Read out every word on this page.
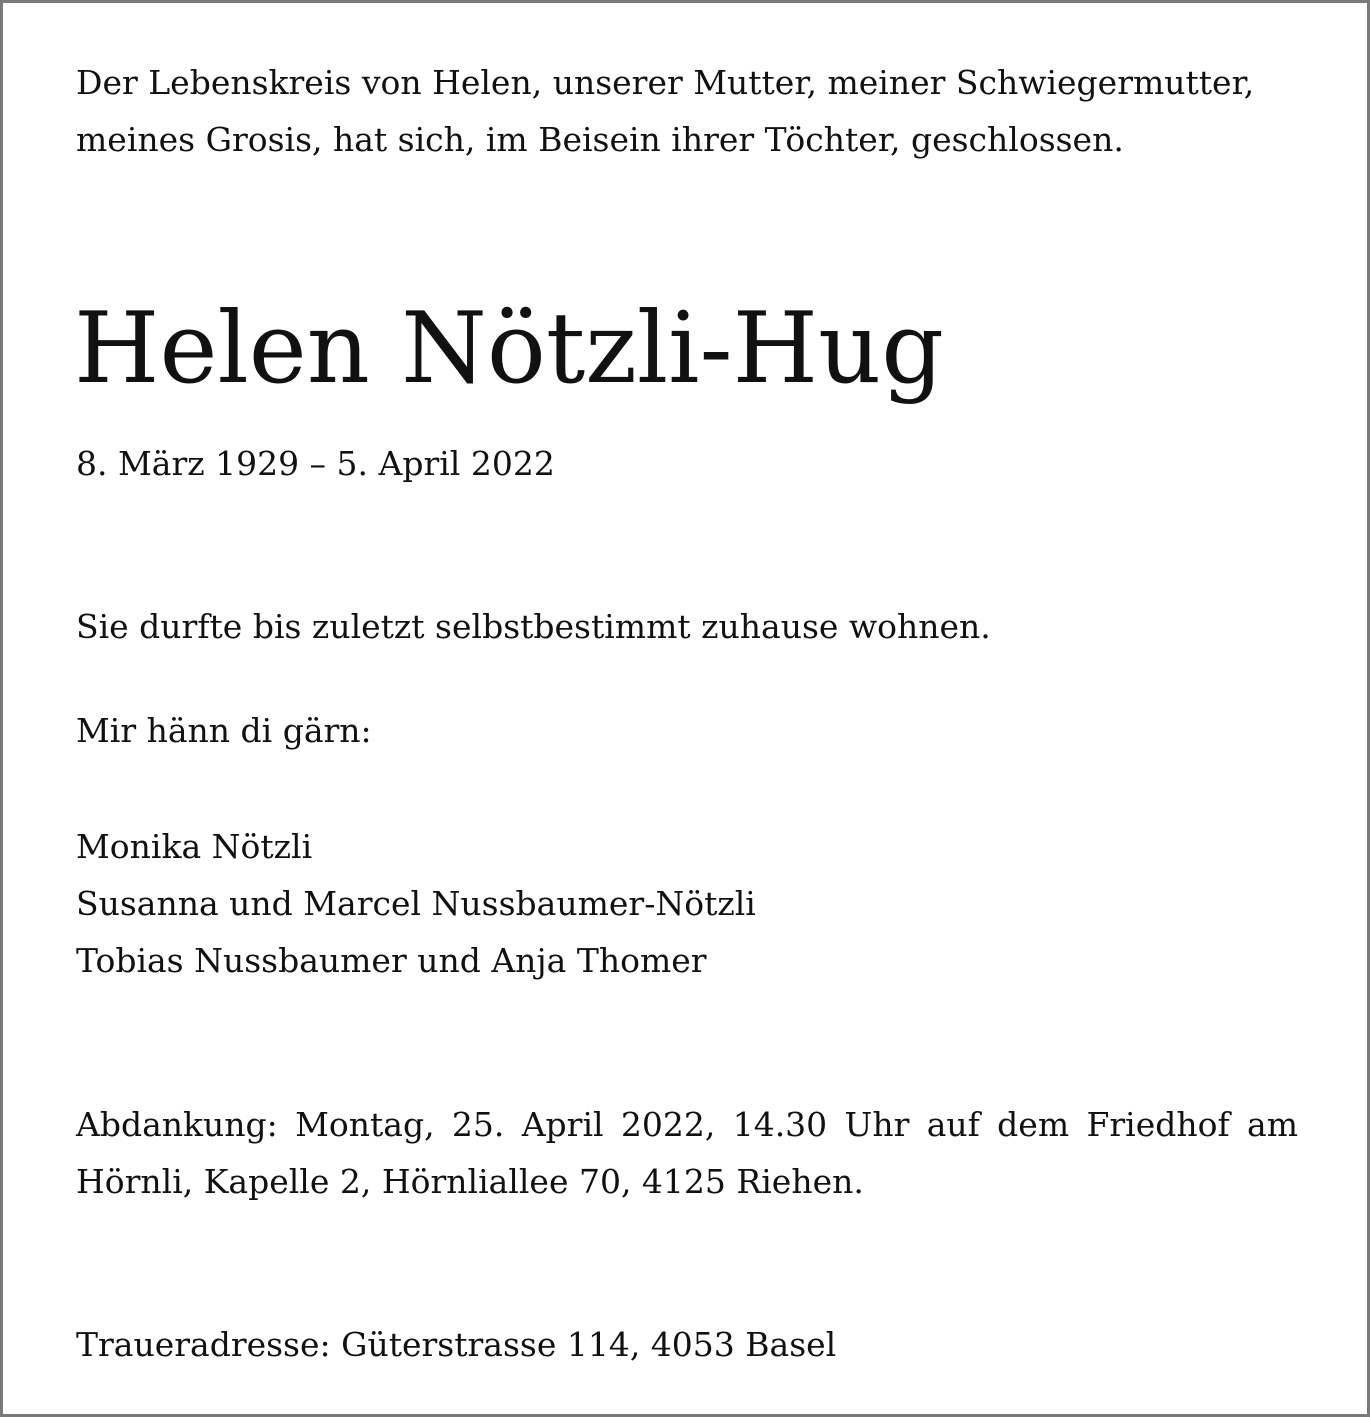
Der Lebenskreis von Helen, unserer Mutter, meiner Schwiegermutter,
meines Grosis, hat sich, im Beisein ihrer Töchter, geschlossen.
Helen Nötzli-Hug

8. März 1929 – 5. April 2022

Sie durfte bis zuletzt selbstbestimmt zuhause wohnen.

Mir hänn di gärn:

Monika Nötzli

Susanna und Marcel Nussbaumer-Nötzli

Tobias Nussbaumer und Anja Thomer

Abdankung: Montag, 25. April 2022, 14.30 Uhr auf dem Friedhof am
Hörnli, Kapelle 2, Hörnliallee 70, 4125 Riehen.

Traueradresse: Güterstrasse 114, 4053 Basel
